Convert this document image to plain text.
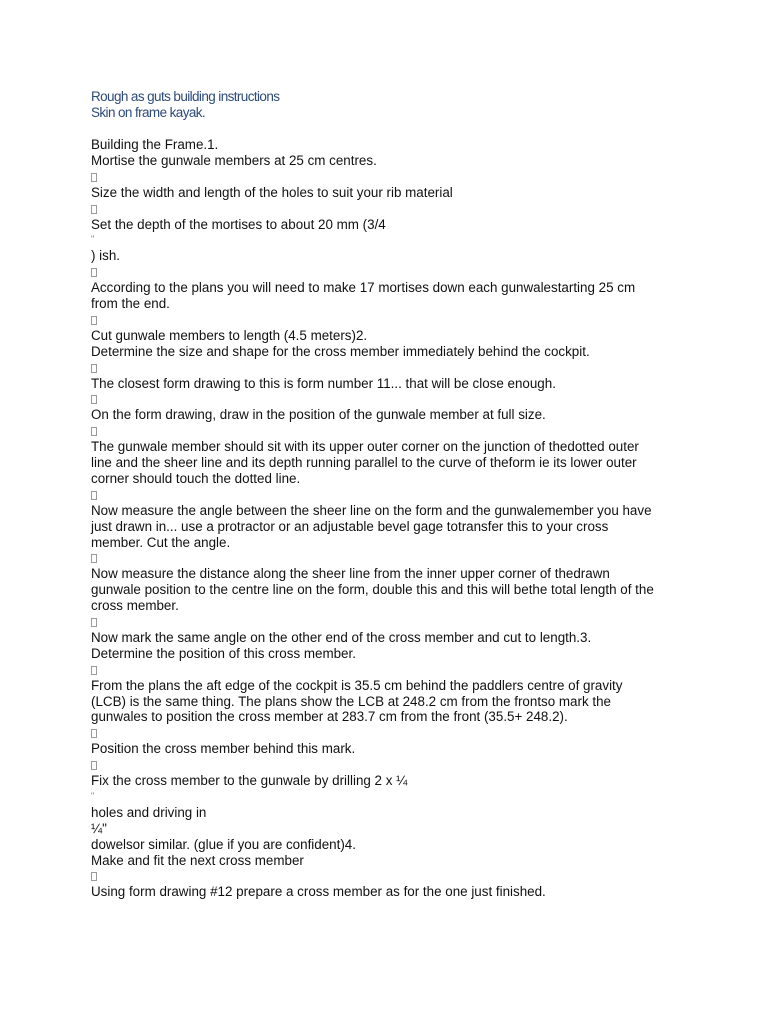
Rough as guts building instructions
Skin on frame kayak.
Building the Frame.1.
Mortise the gunwale members at 25 cm centres.
Size the width and length of the holes to suit your rib material
Set the depth of the mortises to about 20 mm (3/4
"
) ish.
According to the plans you will need to make 17 mortises down each gunwalestarting 25 cm
from the end.
Cut gunwale members to length (4.5 meters)2.
Determine the size and shape for the cross member immediately behind the cockpit.
The closest form drawing to this is form number 11... that will be close enough.
On the form drawing, draw in the position of the gunwale member at full size.
The gunwale member should sit with its upper outer corner on the junction of thedotted outer
line and the sheer line and its depth running parallel to the curve of theform ie its lower outer
corner should touch the dotted line.
Now measure the angle between the sheer line on the form and the gunwalemember you have
just drawn in... use a protractor or an adjustable bevel gage totransfer this to your cross
member. Cut the angle.
Now measure the distance along the sheer line from the inner upper corner of thedrawn
gunwale position to the centre line on the form, double this and this will bethe total length of the
cross member.
Now mark the same angle on the other end of the cross member and cut to length.3.
Determine the position of this cross member.
From the plans the aft edge of the cockpit is 35.5 cm behind the paddlers centre of gravity
(LCB) is the same thing. The plans show the LCB at 248.2 cm from the frontso mark the
gunwales to position the cross member at 283.7 cm from the front (35.5+ 248.2).
Position the cross member behind this mark.
Fix the cross member to the gunwale by drilling 2 x ¼
"
holes and driving in
¼"
dowelsor similar. (glue if you are confident)4.
Make and fit the next cross member
Using form drawing #12 prepare a cross member as for the one just finished.
